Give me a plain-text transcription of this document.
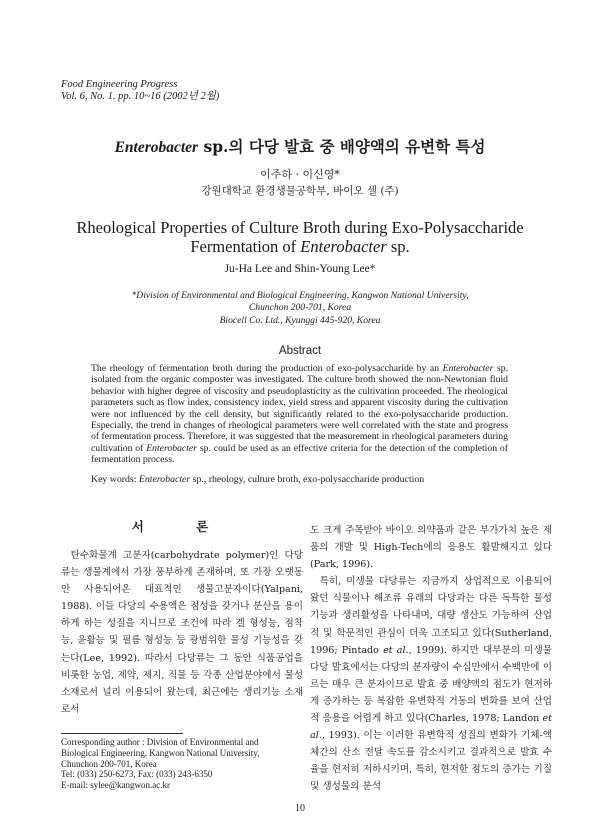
Food Engineering Progress
Vol. 6, No. 1. pp. 10~16 (2002년 2월)
Enterobacter sp.의 다당 발효 중 배양액의 유변학 특성
이주하 · 이신영*
강원대학교 환경생물공학부, 바이오 셀 (주)
Rheological Properties of Culture Broth during Exo-Polysaccharide
Fermentation of Enterobacter sp.
Ju-Ha Lee and Shin-Young Lee*
*Division of Environmental and Biological Engineering, Kangwon National University,
Chunchon 200-701, Korea
Biocell Co. Ltd., Kyunggi 445-920, Korea
Abstract

The rheology of fermentation broth during the production of exo-polysaccharide by an Enterobacter sp. isolated from the organic composter was investigated. The culture broth showed the non-Newtonian fluid behavior with higher degree of viscosity and pseudoplasticity as the cultivation proceeded. The rheological parameters such as flow index, consistency index, yield stress and apparent viscosity during the cultivation were not influenced by the cell density, but significantly related to the exo-polysaccharide production. Especially, the trend in changes of rheological parameters were well correlated with the state and progress of fermentation process. Therefore, it was suggested that the measurement in rheological parameters during cultivation of Enterobacter sp. could be used as an effective criteria for the detection of the completion of fermentation process.

Key words: Enterobacter sp., rheology, culture broth, exo-polysaccharide production
서 론

탄수화물계 고분자(carbohydrate polymer)인 다당류는 생물계에서 가장 풍부하게 존재하며, 또 가장 오랫동안 사용되어온 대표적인 생물고분자이다(Yalpani, 1988). 이들 다당의 수용액은 점성을 갖거나 분산을 용이하게 하는 성질을 지니므로 조건에 따라 겔 형성능, 점착능, 윤활능 및 필름 형성능 등 광범위한 물성 기능성을 갖는다(Lee, 1992). 따라서 다당류는 그 동안 식품공업을 비롯한 농업, 제약, 제지, 직물 등 각종 산업분야에서 물성 소재로서 널리 이용되어 왔는데, 최근에는 생리기능 소재로서

도 크게 주목받아 바이오 의약품과 같은 부가가치 높은 제품의 개발 및 High-Tech에의 응용도 활발해지고 있다(Park, 1996).

특히, 미생물 다당류는 지금까지 상업적으로 이용되어 왔던 식물이나 해조류 유래의 다당과는 다른 독특한 물성 기능과 생리활성을 나타내며, 대량 생산도 가능하여 산업적 및 학문적인 관심이 더욱 고조되고 있다(Sutherland, 1996; Pintado et al., 1999). 하지만 대부분의 미생물 다당 발효에서는 다당의 분자량이 수십만에서 수백만에 이르는 매우 큰 분자이므로 발효 중 배양액의 점도가 현저하게 증가하는 등 복잡한 유변학적 거동의 변화를 보여 산업적 응용을 어렵게 하고 있다(Charles, 1978; Landon et al., 1993). 이는 이러한 유변학적 성질의 변화가 기체-액체간의 산소 전달 속도를 감소시키고 결과적으로 발효 수율을 현저히 저하시키며, 특히, 현저한 점도의 증가는 기질 및 생성물의 분석

Corresponding author : Division of Environmental and Biological Engineering, Kangwon National University, Chunchon 200-701, Korea
Tel: (033) 250-6273, Fax: (033) 243-6350
E-mail: sylee@kangwon.ac.kr
10
